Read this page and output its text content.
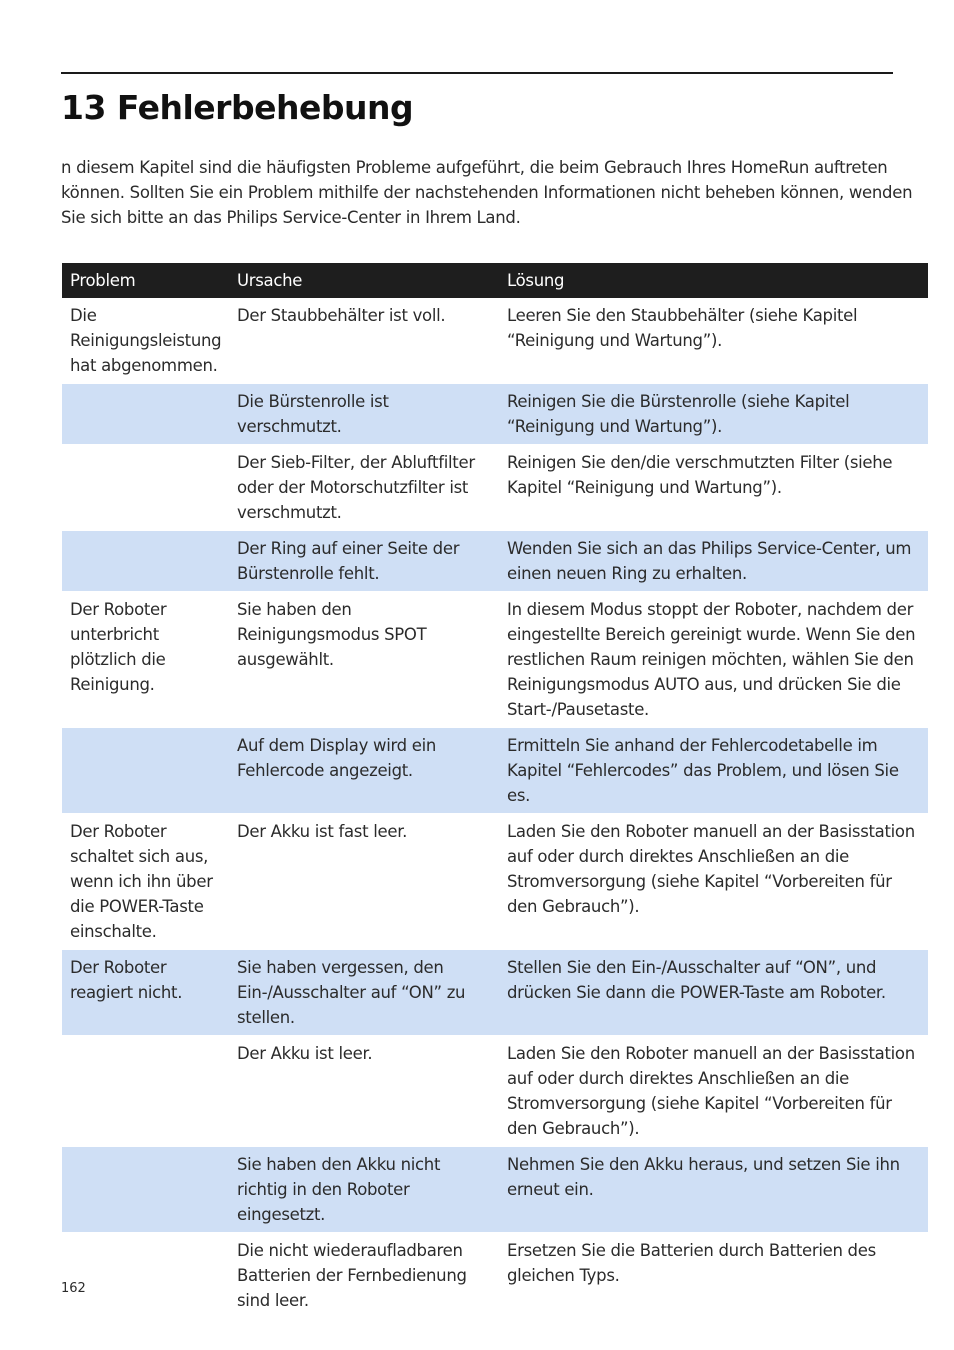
13 Fehlerbehebung

n diesem Kapitel sind die häufigsten Probleme aufgeführt, die beim Gebrauch Ihres HomeRun auftreten können. Sollten Sie ein Problem mithilfe der nachstehenden Informationen nicht beheben können, wenden Sie sich bitte an das Philips Service-Center in Ihrem Land.

Problem	Ursache	Lösung
Die Reinigungsleistung hat abgenommen.	Der Staubbehälter ist voll.	Leeren Sie den Staubbehälter (siehe Kapitel “Reinigung und Wartung”).
	Die Bürstenrolle ist verschmutzt.	Reinigen Sie die Bürstenrolle (siehe Kapitel “Reinigung und Wartung”).
	Der Sieb-Filter, der Abluftfilter oder der Motorschutzfilter ist verschmutzt.	Reinigen Sie den/die verschmutzten Filter (siehe Kapitel “Reinigung und Wartung”).
	Der Ring auf einer Seite der Bürstenrolle fehlt.	Wenden Sie sich an das Philips Service-Center, um einen neuen Ring zu erhalten.
Der Roboter unterbricht plötzlich die Reinigung.	Sie haben den Reinigungsmodus SPOT ausgewählt.	In diesem Modus stoppt der Roboter, nachdem der eingestellte Bereich gereinigt wurde. Wenn Sie den restlichen Raum reinigen möchten, wählen Sie den Reinigungsmodus AUTO aus, und drücken Sie die Start-/Pausetaste.
	Auf dem Display wird ein Fehlercode angezeigt.	Ermitteln Sie anhand der Fehlercodetabelle im Kapitel “Fehlercodes” das Problem, und lösen Sie es.
Der Roboter schaltet sich aus, wenn ich ihn über die POWER-Taste einschalte.	Der Akku ist fast leer.	Laden Sie den Roboter manuell an der Basisstation auf oder durch direktes Anschließen an die Stromversorgung (siehe Kapitel “Vorbereiten für den Gebrauch”).
Der Roboter reagiert nicht.	Sie haben vergessen, den Ein-/Ausschalter auf “ON” zu stellen.	Stellen Sie den Ein-/Ausschalter auf “ON”, und drücken Sie dann die POWER-Taste am Roboter.
	Der Akku ist leer.	Laden Sie den Roboter manuell an der Basisstation auf oder durch direktes Anschließen an die Stromversorgung (siehe Kapitel “Vorbereiten für den Gebrauch”).
	Sie haben den Akku nicht richtig in den Roboter eingesetzt.	Nehmen Sie den Akku heraus, und setzen Sie ihn erneut ein.
	Die nicht wiederaufladbaren Batterien der Fernbedienung sind leer.	Ersetzen Sie die Batterien durch Batterien des gleichen Typs.
162
